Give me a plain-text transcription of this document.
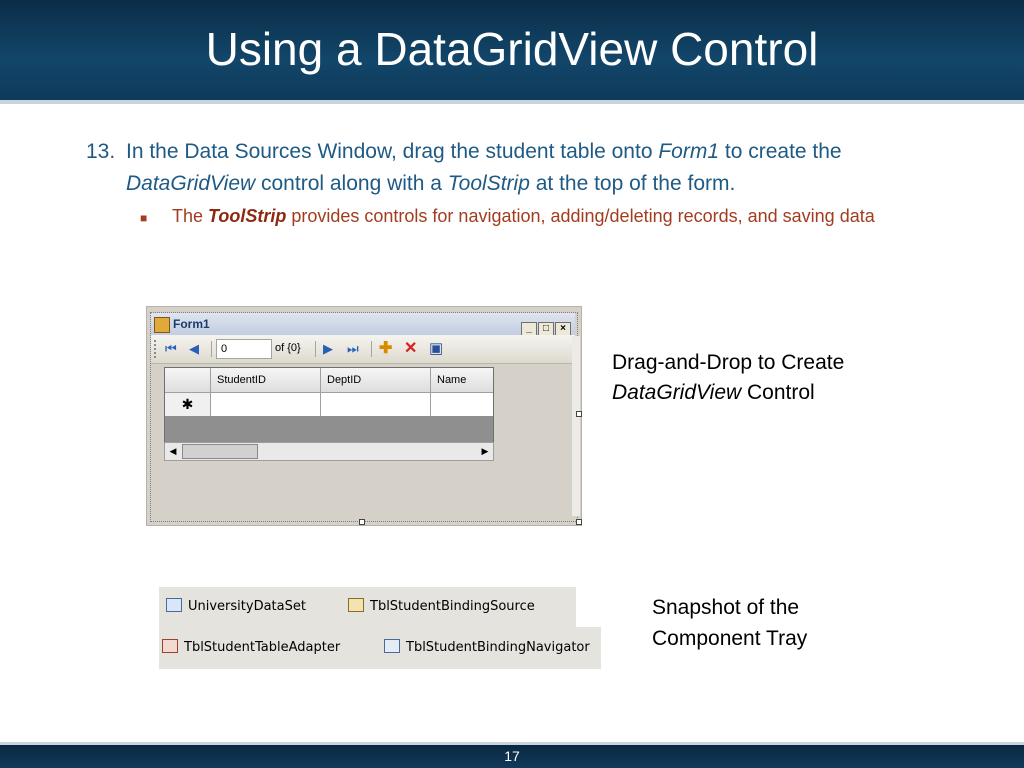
Using a DataGridView Control
13. In the Data Sources Window, drag the student table onto Form1 to create the DataGridView control along with a ToolStrip at the top of the form.
■ The ToolStrip provides controls for navigation, adding/deleting records, and saving data
Form1	_ □ ×
⏮ ◀	of {0} ▶ ⏭ ✚ ✕ ▣
0
StudentID	DeptID	Name
✱
◀	▶
Drag-and-Drop to Create
DataGridView Control
UniversityDataSet	TblStudentBindingSource
TblStudentTableAdapter	TblStudentBindingNavigator
Snapshot of the
Component Tray
17
